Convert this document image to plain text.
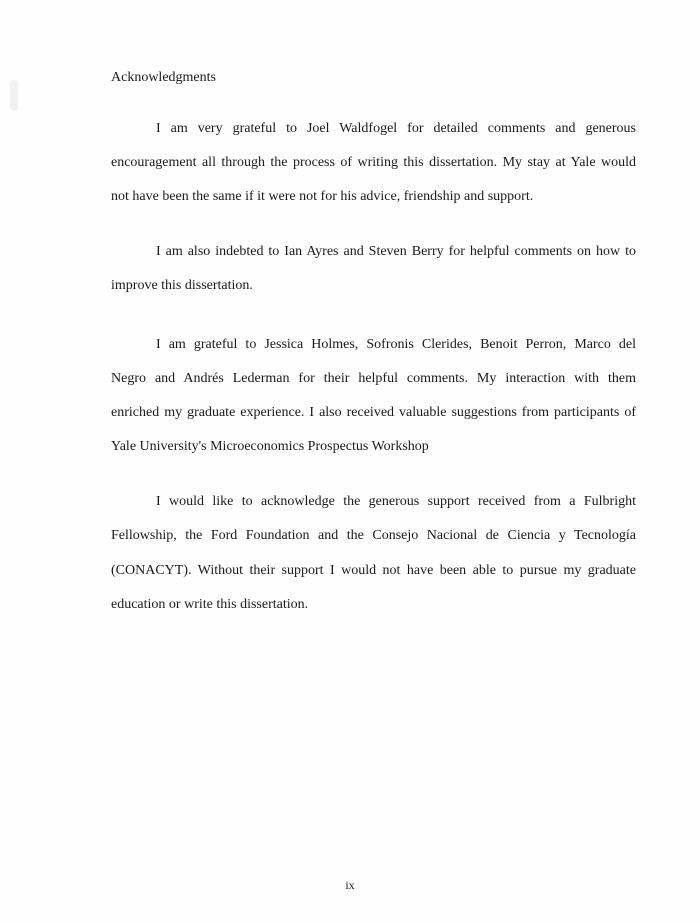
Acknowledgments
I am very grateful to Joel Waldfogel for detailed comments and generous
encouragement all through the process of writing this dissertation. My stay at Yale would
not have been the same if it were not for his advice, friendship and support.
I am also indebted to Ian Ayres and Steven Berry for helpful comments on how to
improve this dissertation.
I am grateful to Jessica Holmes, Sofronis Clerides, Benoit Perron, Marco del
Negro and Andrés Lederman for their helpful comments. My interaction with them
enriched my graduate experience. I also received valuable suggestions from participants of
Yale University's Microeconomics Prospectus Workshop
I would like to acknowledge the generous support received from a Fulbright
Fellowship, the Ford Foundation and the Consejo Nacional de Ciencia y Tecnología
(CONACYT). Without their support I would not have been able to pursue my graduate
education or write this dissertation.
ix
